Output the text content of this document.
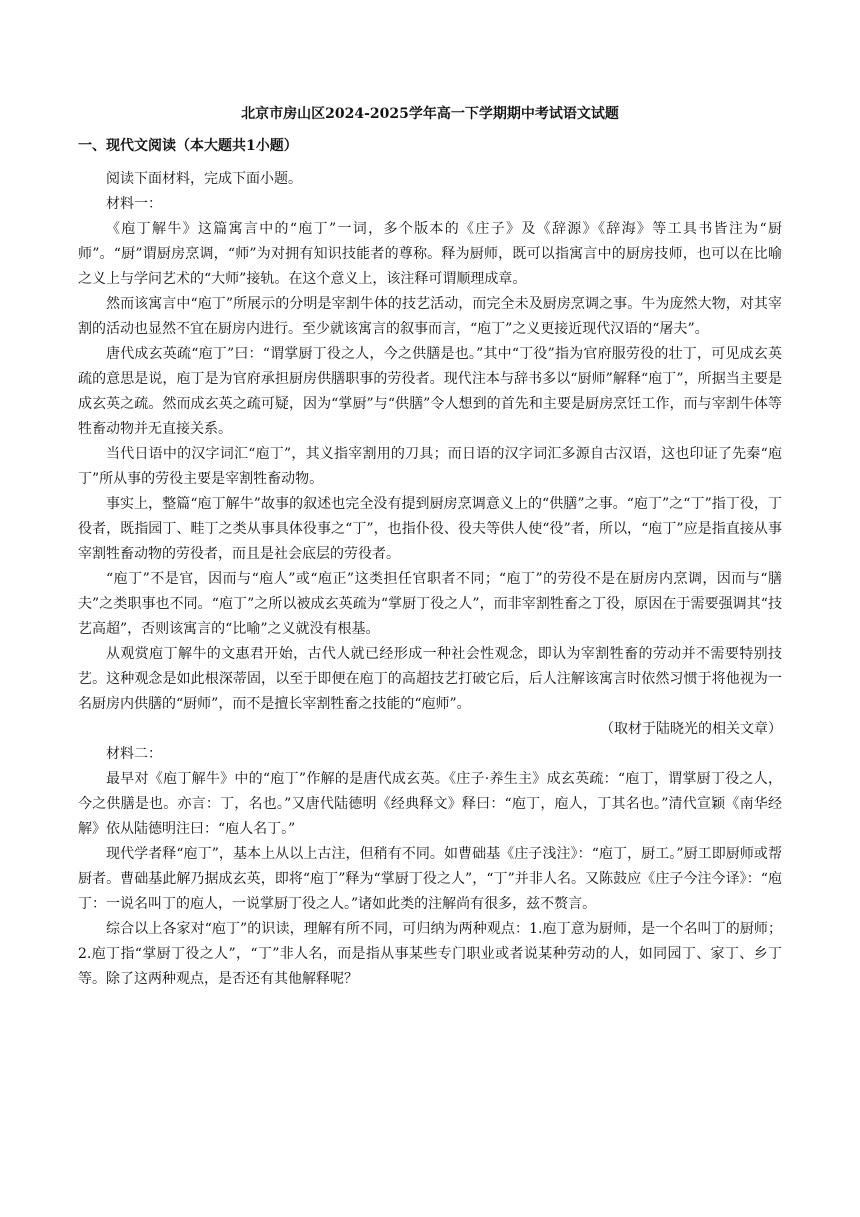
北京市房山区2024-2025学年高一下学期期中考试语文试题
一、现代文阅读（本大题共1小题）

阅读下面材料，完成下面小题。

材料一：

《庖丁解牛》这篇寓言中的“庖丁”一词，多个版本的《庄子》及《辞源》《辞海》等工具书皆注为“厨师”。“厨”谓厨房烹调，“师”为对拥有知识技能者的尊称。释为厨师，既可以指寓言中的厨房技师，也可以在比喻之义上与学问艺术的“大师”接轨。在这个意义上，该注释可谓顺理成章。

然而该寓言中“庖丁”所展示的分明是宰割牛体的技艺活动，而完全未及厨房烹调之事。牛为庞然大物，对其宰割的活动也显然不宜在厨房内进行。至少就该寓言的叙事而言，“庖丁”之义更接近现代汉语的“屠夫”。

唐代成玄英疏“庖丁”曰：“谓掌厨丁役之人，今之供膳是也。”其中“丁役”指为官府服劳役的壮丁，可见成玄英疏的意思是说，庖丁是为官府承担厨房供膳职事的劳役者。现代注本与辞书多以“厨师”解释“庖丁”，所据当主要是成玄英之疏。然而成玄英之疏可疑，因为“掌厨”与“供膳”令人想到的首先和主要是厨房烹饪工作，而与宰割牛体等牲畜动物并无直接关系。

当代日语中的汉字词汇“庖丁”，其义指宰割用的刀具；而日语的汉字词汇多源自古汉语，这也印证了先秦“庖丁”所从事的劳役主要是宰割牲畜动物。

事实上，整篇“庖丁解牛”故事的叙述也完全没有提到厨房烹调意义上的“供膳”之事。“庖丁”之“丁”指丁役，丁役者，既指园丁、畦丁之类从事具体役事之“丁”，也指仆役、役夫等供人使“役”者，所以，“庖丁”应是指直接从事宰割牲畜动物的劳役者，而且是社会底层的劳役者。

“庖丁”不是官，因而与“庖人”或“庖正”这类担任官职者不同；“庖丁”的劳役不是在厨房内烹调，因而与“膳夫”之类职事也不同。“庖丁”之所以被成玄英疏为“掌厨丁役之人”，而非宰割牲畜之丁役，原因在于需要强调其“技艺高超”，否则该寓言的“比喻”之义就没有根基。

从观赏庖丁解牛的文惠君开始，古代人就已经形成一种社会性观念，即认为宰割牲畜的劳动并不需要特别技艺。这种观念是如此根深蒂固，以至于即便在庖丁的高超技艺打破它后，后人注解该寓言时依然习惯于将他视为一名厨房内供膳的“厨师”，而不是擅长宰割牲畜之技能的“庖师”。

（取材于陆晓光的相关文章）

材料二：

最早对《庖丁解牛》中的“庖丁”作解的是唐代成玄英。《庄子·养生主》成玄英疏：“庖丁，谓掌厨丁役之人，今之供膳是也。亦言：丁，名也。”又唐代陆德明《经典释文》释曰：“庖丁，庖人，丁其名也。”清代宣颖《南华经解》依从陆德明注曰：“庖人名丁。”

现代学者释“庖丁”，基本上从以上古注，但稍有不同。如曹础基《庄子浅注》：“庖丁，厨工。”厨工即厨师或帮厨者。曹础基此解乃据成玄英，即将“庖丁”释为“掌厨丁役之人”，“丁”并非人名。又陈鼓应《庄子今注今译》：“庖丁：一说名叫丁的庖人，一说掌厨丁役之人。”诸如此类的注解尚有很多，兹不赘言。

综合以上各家对“庖丁”的识读，理解有所不同，可归纳为两种观点：1.庖丁意为厨师，是一个名叫丁的厨师；2.庖丁指“掌厨丁役之人”，“丁”非人名，而是指从事某些专门职业或者说某种劳动的人，如同园丁、家丁、乡丁等。除了这两种观点，是否还有其他解释呢？
